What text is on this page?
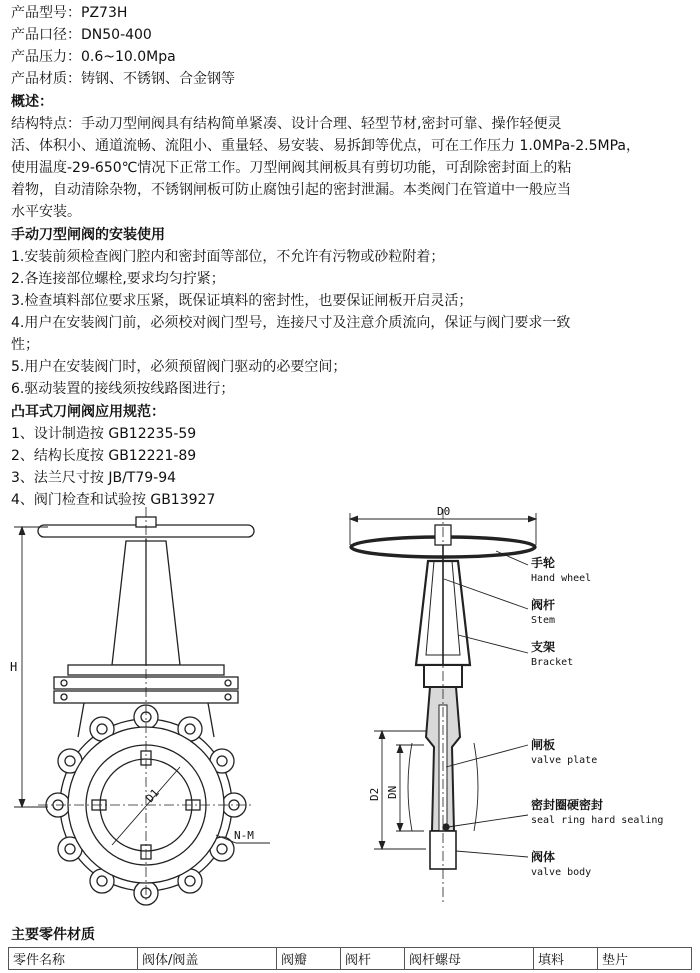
产品型号：PZ73H
产品口径：DN50-400
产品压力：0.6~10.0Mpa
产品材质：铸钢、不锈钢、合金钢等
概述：
结构特点：手动刀型闸阀具有结构简单紧凑、设计合理、轻型节材,密封可靠、操作轻便灵
活、体积小、通道流畅、流阻小、重量轻、易安装、易拆卸等优点，可在工作压力 1.0MPa-2.5MPa，
使用温度-29-650℃情况下正常工作。刀型闸阀其闸板具有剪切功能，可刮除密封面上的粘
着物，自动清除杂物，不锈钢闸板可防止腐蚀引起的密封泄漏。本类阀门在管道中一般应当
水平安装。
手动刀型闸阀的安装使用
1.安装前须检查阀门腔内和密封面等部位，不允许有污物或砂粒附着；
2.各连接部位螺栓,要求均匀拧紧；
3.检查填料部位要求压紧，既保证填料的密封性，也要保证闸板开启灵活；
4.用户在安装阀门前，必须校对阀门型号，连接尺寸及注意介质流向，保证与阀门要求一致
性；
5.用户在安装阀门时，必须预留阀门驱动的必要空间；
6.驱动装置的接线须按线路图进行；
凸耳式刀闸阀应用规范：
1、设计制造按 GB12235-59
2、结构长度按 GB12221-89
3、法兰尺寸按 JB/T79-94
4、阀门检查和试验按 GB13927
H
D1
N-M
D0
D2 DN
手轮
Hand wheel
阀杆
Stem
支架
Bracket
闸板
valve plate
密封圈硬密封
seal ring hard sealing
阀体
valve body
主要零件材质
零件名称	阀体/阀盖	阀瓣	阀杆	阀杆螺母	填料	垫片
